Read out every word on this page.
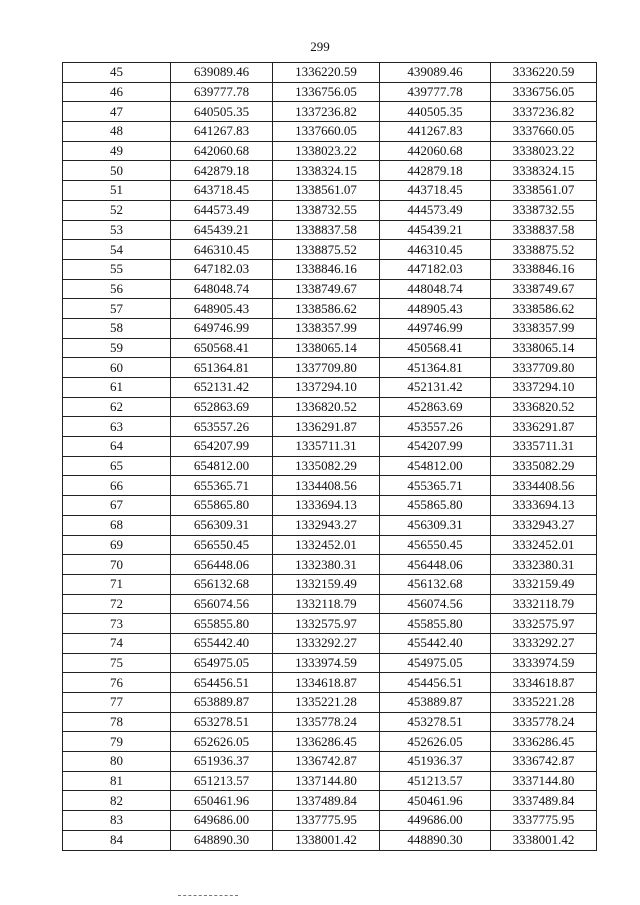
299
45	639089.46	1336220.59	439089.46	3336220.59
46	639777.78	1336756.05	439777.78	3336756.05
47	640505.35	1337236.82	440505.35	3337236.82
48	641267.83	1337660.05	441267.83	3337660.05
49	642060.68	1338023.22	442060.68	3338023.22
50	642879.18	1338324.15	442879.18	3338324.15
51	643718.45	1338561.07	443718.45	3338561.07
52	644573.49	1338732.55	444573.49	3338732.55
53	645439.21	1338837.58	445439.21	3338837.58
54	646310.45	1338875.52	446310.45	3338875.52
55	647182.03	1338846.16	447182.03	3338846.16
56	648048.74	1338749.67	448048.74	3338749.67
57	648905.43	1338586.62	448905.43	3338586.62
58	649746.99	1338357.99	449746.99	3338357.99
59	650568.41	1338065.14	450568.41	3338065.14
60	651364.81	1337709.80	451364.81	3337709.80
61	652131.42	1337294.10	452131.42	3337294.10
62	652863.69	1336820.52	452863.69	3336820.52
63	653557.26	1336291.87	453557.26	3336291.87
64	654207.99	1335711.31	454207.99	3335711.31
65	654812.00	1335082.29	454812.00	3335082.29
66	655365.71	1334408.56	455365.71	3334408.56
67	655865.80	1333694.13	455865.80	3333694.13
68	656309.31	1332943.27	456309.31	3332943.27
69	656550.45	1332452.01	456550.45	3332452.01
70	656448.06	1332380.31	456448.06	3332380.31
71	656132.68	1332159.49	456132.68	3332159.49
72	656074.56	1332118.79	456074.56	3332118.79
73	655855.80	1332575.97	455855.80	3332575.97
74	655442.40	1333292.27	455442.40	3333292.27
75	654975.05	1333974.59	454975.05	3333974.59
76	654456.51	1334618.87	454456.51	3334618.87
77	653889.87	1335221.28	453889.87	3335221.28
78	653278.51	1335778.24	453278.51	3335778.24
79	652626.05	1336286.45	452626.05	3336286.45
80	651936.37	1336742.87	451936.37	3336742.87
81	651213.57	1337144.80	451213.57	3337144.80
82	650461.96	1337489.84	450461.96	3337489.84
83	649686.00	1337775.95	449686.00	3337775.95
84	648890.30	1338001.42	448890.30	3338001.42
